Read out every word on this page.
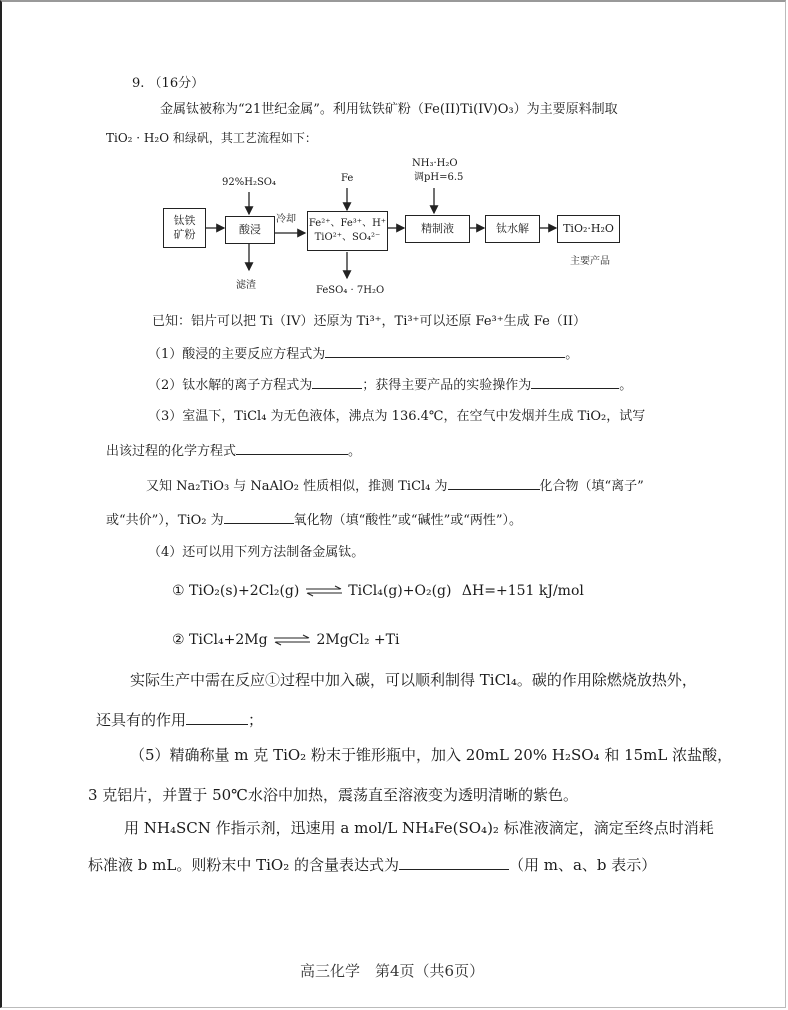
9. （16分）
金属钛被称为“21世纪金属”。利用钛铁矿粉（Fe(II)Ti(IV)O₃）为主要原料制取
TiO₂ · H₂O 和绿矾，其工艺流程如下：
钛铁
矿粉	酸浸	Fe²⁺、Fe³⁺、H⁺
TiO²⁺、SO₄²⁻
精制液	钛水解	TiO₂·H₂O
92%H₂SO₄	Fe
NH₃·H₂O
调pH=6.5
冷却
滤渣	FeSO₄ · 7H₂O
主要产品
已知：铝片可以把 Ti（IV）还原为 Ti³⁺，Ti³⁺可以还原 Fe³⁺生成 Fe（II）
（1）酸浸的主要反应方程式为	。
（2）钛水解的离子方程式为	；获得主要产品的实验操作为	。
（3）室温下，TiCl₄ 为无色液体，沸点为 136.4℃，在空气中发烟并生成 TiO₂，试写
出该过程的化学方程式	。
又知 Na₂TiO₃ 与 NaAlO₂ 性质相似，推测 TiCl₄ 为	化合物（填“离子”
或“共价”），TiO₂ 为	氧化物（填“酸性”或“碱性”或“两性”）。
（4）还可以用下列方法制备金属钛。
① TiO₂(s)+2Cl₂(g) ⇌ TiCl₄(g)+O₂(g) ΔH=+151 kJ/mol
② TiCl₄+2Mg ⇌ 2MgCl₂ +Ti
实际生产中需在反应①过程中加入碳，可以顺利制得 TiCl₄。碳的作用除燃烧放热外，
还具有的作用	；
（5）精确称量 m 克 TiO₂ 粉末于锥形瓶中，加入 20mL 20% H₂SO₄ 和 15mL 浓盐酸，
3 克铝片，并置于 50℃水浴中加热，震荡直至溶液变为透明清晰的紫色。
用 NH₄SCN 作指示剂，迅速用 a mol/L NH₄Fe(SO₄)₂ 标准液滴定，滴定至终点时消耗
标准液 b mL。则粉末中 TiO₂ 的含量表达式为	（用 m、a、b 表示）
高三化学　第4页（共6页）
